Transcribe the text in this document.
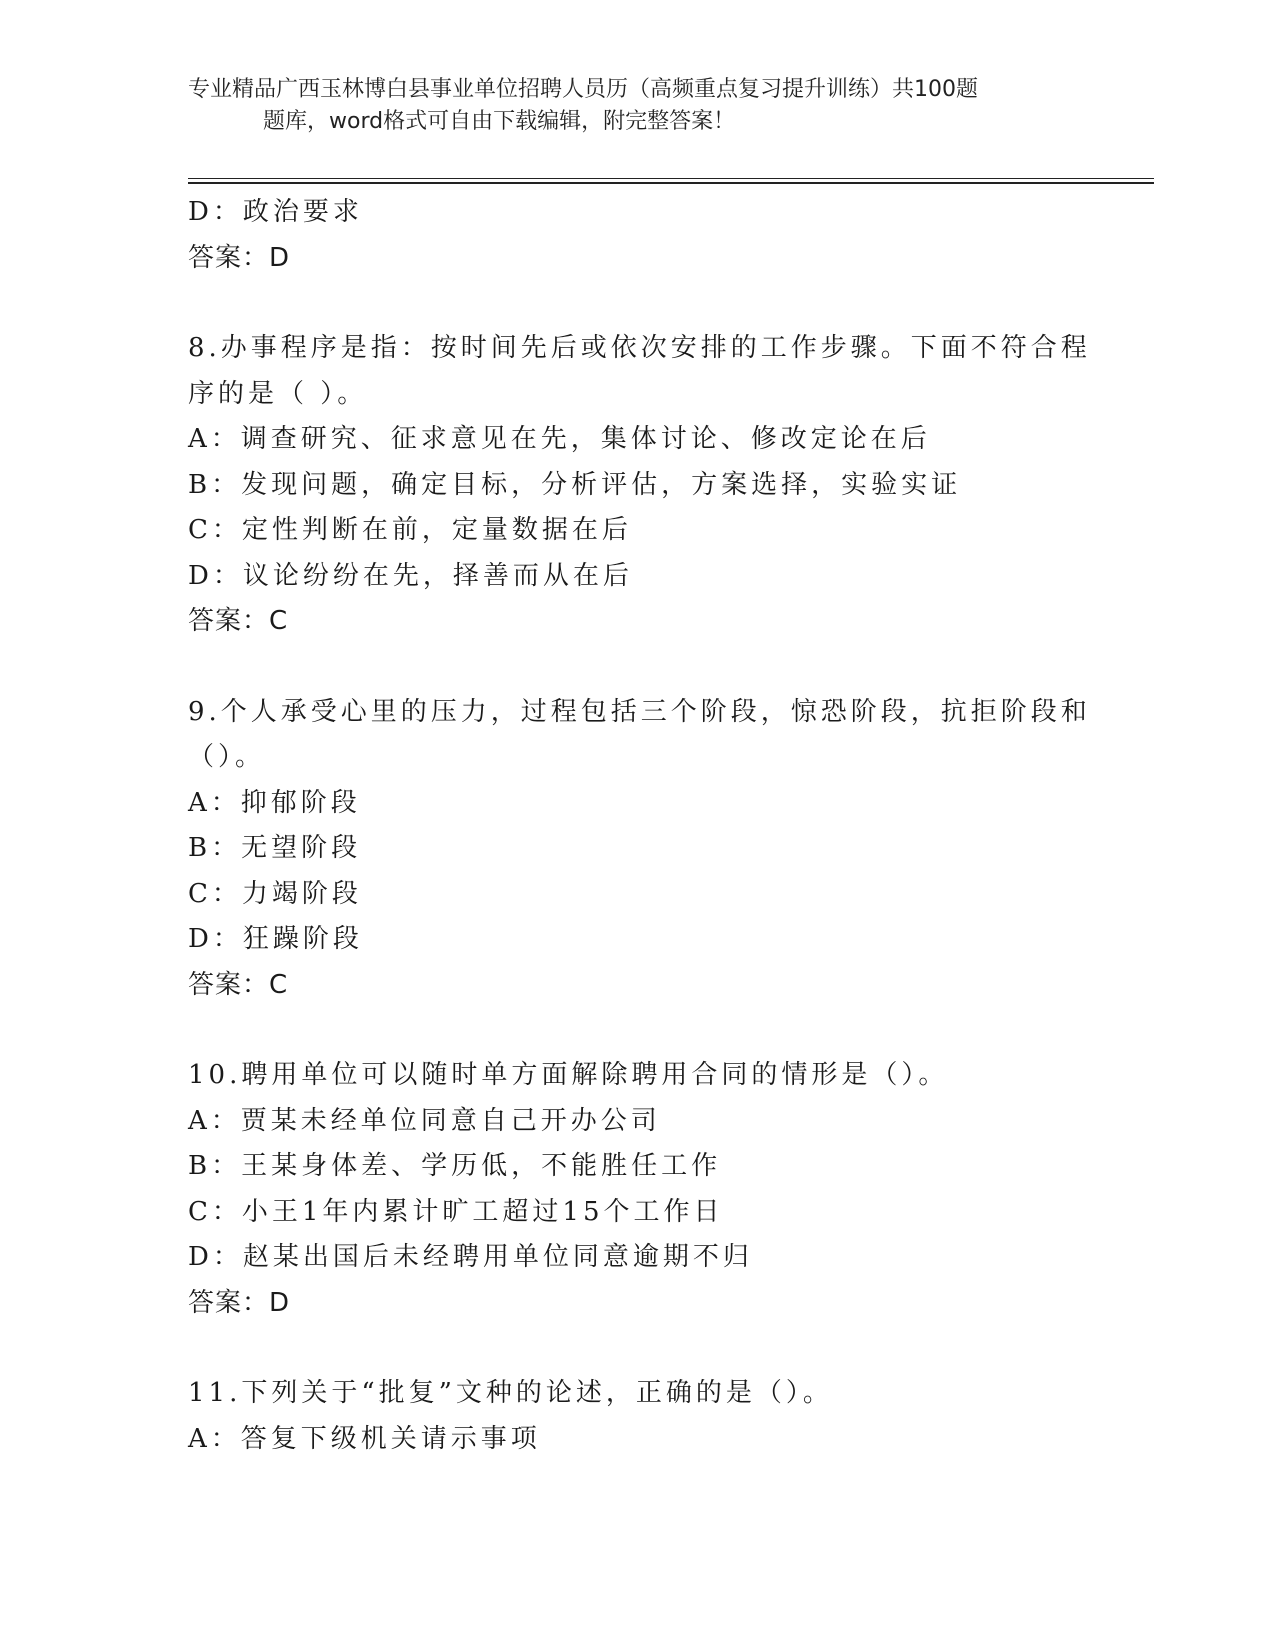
专业精品广西玉林博白县事业单位招聘人员历（高频重点复习提升训练）共100题
题库，word格式可自由下载编辑，附完整答案！
D：政治要求
答案：D
8.办事程序是指：按时间先后或依次安排的工作步骤。下面不符合程
序的是（ ）。
A：调查研究、征求意见在先，集体讨论、修改定论在后
B：发现问题，确定目标，分析评估，方案选择，实验实证
C：定性判断在前，定量数据在后
D：议论纷纷在先，择善而从在后
答案：C
9.个人承受心里的压力，过程包括三个阶段，惊恐阶段，抗拒阶段和
（）。
A：抑郁阶段
B：无望阶段
C：力竭阶段
D：狂躁阶段
答案：C
10.聘用单位可以随时单方面解除聘用合同的情形是（）。
A：贾某未经单位同意自己开办公司
B：王某身体差、学历低，不能胜任工作
C：小王1年内累计旷工超过15个工作日
D：赵某出国后未经聘用单位同意逾期不归
答案：D
11.下列关于“批复”文种的论述，正确的是（）。
A：答复下级机关请示事项
